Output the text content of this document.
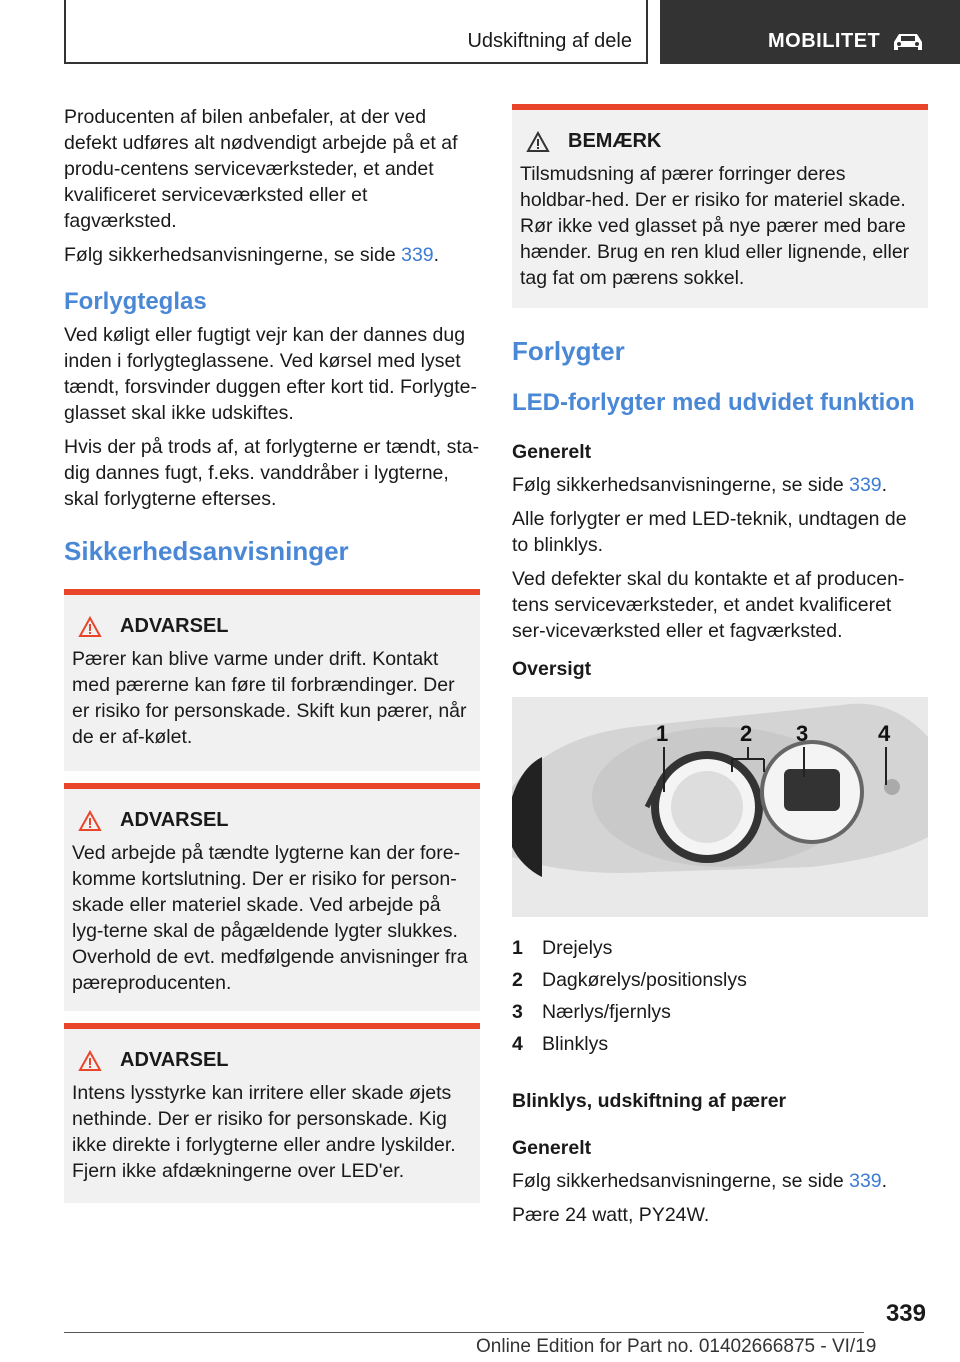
Udskiftning af dele	MOBILITET

Producenten af bilen anbefaler, at der ved defekt udføres alt nødvendigt arbejde på et af produ-centens serviceværksteder, et andet kvalificeret serviceværksted eller et fagværksted.

Følg sikkerhedsanvisningerne, se side 339.

Forlygteglas

Ved køligt eller fugtigt vejr kan der dannes dug inden i forlygteglassene. Ved kørsel med lyset tændt, forsvinder duggen efter kort tid. Forlygte-glasset skal ikke udskiftes.

Hvis der på trods af, at forlygterne er tændt, sta-dig dannes fugt, f.eks. vanddråber i lygterne, skal forlygterne efterses.

Sikkerhedsanvisninger
ADVARSEL

Pærer kan blive varme under drift. Kontakt med pærerne kan føre til forbrændinger. Der er risiko for personskade. Skift kun pærer, når de er af-kølet.

ADVARSEL

Ved arbejde på tændte lygterne kan der fore-komme kortslutning. Der er risiko for person-skade eller materiel skade. Ved arbejde på lyg-terne skal de pågældende lygter slukkes. Overhold de evt. medfølgende anvisninger fra pæreproducenten.

ADVARSEL

Intens lysstyrke kan irritere eller skade øjets nethinde. Der er risiko for personskade. Kig ikke direkte i forlygterne eller andre lyskilder. Fjern ikke afdækningerne over LED'er.

BEMÆRK

Tilsmudsning af pærer forringer deres holdbar-hed. Der er risiko for materiel skade. Rør ikke ved glasset på nye pærer med bare hænder. Brug en ren klud eller lignende, eller tag fat om pærens sokkel.

Forlygter
LED-forlygter med udvidet funktion
Generelt

Følg sikkerhedsanvisningerne, se side 339.

Alle forlygter er med LED-teknik, undtagen de to blinklys.

Ved defekter skal du kontakte et af producen-tens serviceværksteder, et andet kvalificeret ser-viceværksted eller et fagværksted.

Oversigt
1	2 3	4
1 Drejelys
2 Dagkørelys/positionslys
3 Nærlys/fjernlys
4 Blinklys
Blinklys, udskiftning af pærer
Generelt

Følg sikkerhedsanvisningerne, se side 339.

Pære 24 watt, PY24W.

339
Online Edition for Part no. 01402666875 - VI/19
